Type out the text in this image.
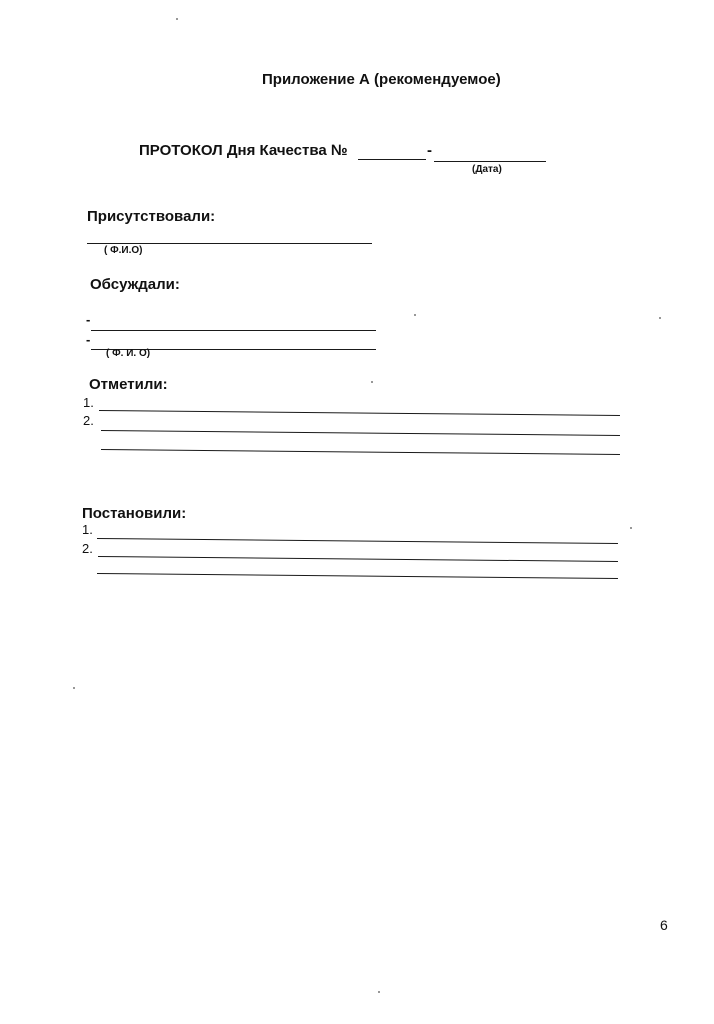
Приложение А (рекомендуемое)
ПРОТОКОЛ Дня Качества №	-
(Дата)
Присутствовали:
( Ф.И.О)
Обсуждали:
-
-
( Ф. И. О)
Отметили:
1.
2.
Постановили:
1.
2.
6
